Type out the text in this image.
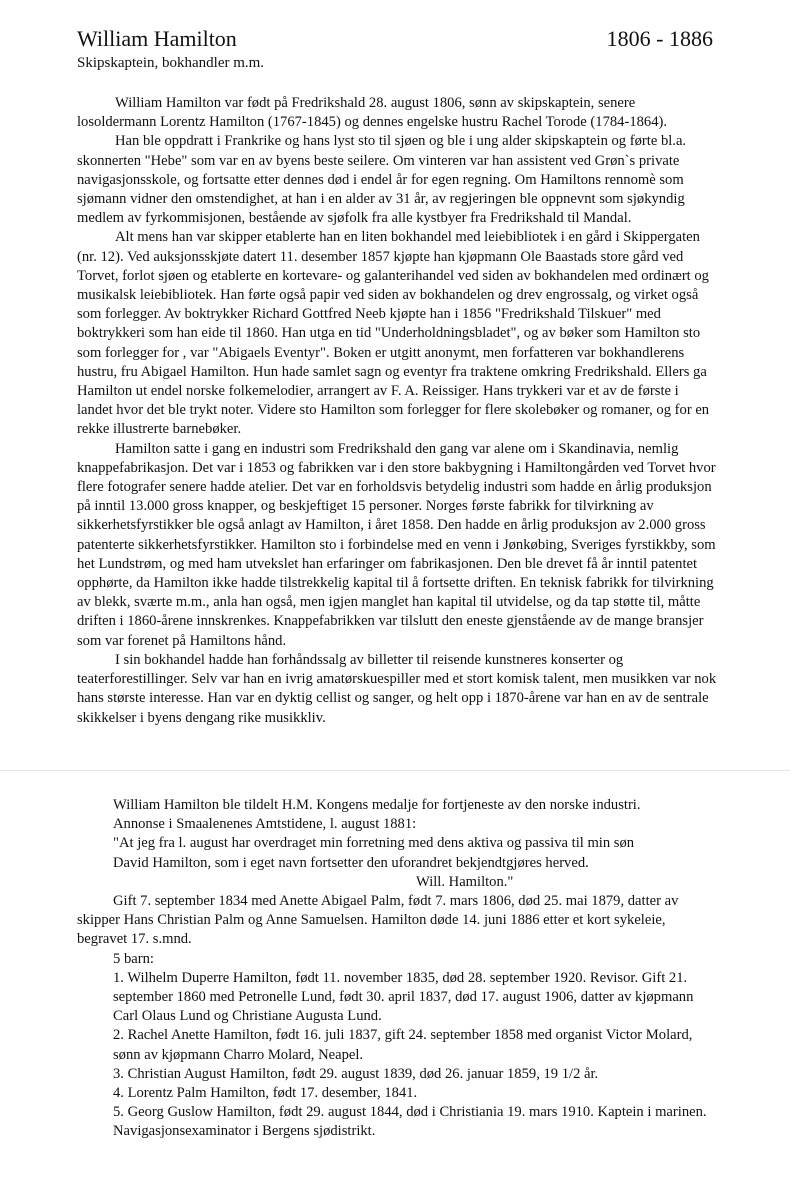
William Hamilton	1806 - 1886
Skipskaptein, bokhandler m.m.

William Hamilton var født på Fredrikshald 28. august 1806, sønn av skipskaptein, senere losoldermann Lorentz Hamilton (1767-1845) og dennes engelske hustru Rachel Torode (1784-1864).

Han ble oppdratt i Frankrike og hans lyst sto til sjøen og ble i ung alder skipskaptein og førte bl.a. skonnerten "Hebe" som var en av byens beste seilere. Om vinteren var han assistent ved Grøn`s private navigasjonsskole, og fortsatte etter dennes død i endel år for egen regning. Om Hamiltons rennomè som sjømann vidner den omstendighet, at han i en alder av 31 år, av regjeringen ble oppnevnt som sjøkyndig medlem av fyrkommisjonen, bestående av sjøfolk fra alle kystbyer fra Fredrikshald til Mandal.

Alt mens han var skipper etablerte han en liten bokhandel med leiebibliotek i en gård i Skippergaten (nr. 12). Ved auksjonsskjøte datert 11. desember 1857 kjøpte han kjøpmann Ole Baastads store gård ved Torvet, forlot sjøen og etablerte en kortevare- og galanterihandel ved siden av bokhandelen med ordinært og musikalsk leiebibliotek. Han førte også papir ved siden av bokhandelen og drev engrossalg, og virket også som forlegger. Av boktrykker Richard Gottfred Neeb kjøpte han i 1856 "Fredrikshald Tilskuer" med boktrykkeri som han eide til 1860. Han utga en tid "Underholdningsbladet", og av bøker som Hamilton sto som forlegger for , var "Abigaels Eventyr". Boken er utgitt anonymt, men forfatteren var bokhandlerens hustru, fru Abigael Hamilton. Hun hade samlet sagn og eventyr fra traktene omkring Fredrikshald. Ellers ga Hamilton ut endel norske folkemelodier, arrangert av F. A. Reissiger. Hans trykkeri var et av de første i landet hvor det ble trykt noter. Videre sto Hamilton som forlegger for flere skolebøker og romaner, og for en rekke illustrerte barnebøker.

Hamilton satte i gang en industri som Fredrikshald den gang var alene om i Skandinavia, nemlig knappefabrikasjon. Det var i 1853 og fabrikken var i den store bakbygning i Hamiltongården ved Torvet hvor flere fotografer senere hadde atelier. Det var en forholdsvis betydelig industri som hadde en årlig produksjon på inntil 13.000 gross knapper, og beskjeftiget 15 personer. Norges første fabrikk for tilvirkning av sikkerhetsfyrstikker ble også anlagt av Hamilton, i året 1858. Den hadde en årlig produksjon av 2.000 gross patenterte sikkerhetsfyrstikker. Hamilton sto i forbindelse med en venn i Jønkøbing, Sveriges fyrstikkby, som het Lundstrøm, og med ham utvekslet han erfaringer om fabrikasjonen. Den ble drevet få år inntil patentet opphørte, da Hamilton ikke hadde tilstrekkelig kapital til å fortsette driften. En teknisk fabrikk for tilvirkning av blekk, sværte m.m., anla han også, men igjen manglet han kapital til utvidelse, og da tap støtte til, måtte driften i 1860-årene innskrenkes. Knappefabrikken var tilslutt den eneste gjenstående av de mange bransjer som var forenet på Hamiltons hånd.

I sin bokhandel hadde han forhåndssalg av billetter til reisende kunstneres konserter og teaterforestillinger. Selv var han en ivrig amatørskuespiller med et stort komisk talent, men musikken var nok hans største interesse. Han var en dyktig cellist og sanger, og helt opp i 1870-årene var han en av de sentrale skikkelser i byens dengang rike musikkliv.

William Hamilton ble tildelt H.M. Kongens medalje for fortjeneste av den norske industri.
Annonse i Smaalenenes Amtstidene, l. august 1881:
"At jeg fra l. august har overdraget min forretning med dens aktiva og passiva til min søn
David Hamilton, som i eget navn fortsetter den uforandret bekjendtgjøres herved.
Will. Hamilton."
Gift 7. september 1834 med Anette Abigael Palm, født 7. mars 1806, død 25. mai 1879, datter av skipper Hans Christian Palm og Anne Samuelsen. Hamilton døde 14. juni 1886 etter et kort sykeleie, begravet 17. s.mnd.
5 barn:
1. Wilhelm Duperre Hamilton, født 11. november 1835, død 28. september 1920. Revisor. Gift 21. september 1860 med Petronelle Lund, født 30. april 1837, død 17. august 1906, datter av kjøpmann Carl Olaus Lund og Christiane Augusta Lund.
2. Rachel Anette Hamilton, født 16. juli 1837, gift 24. september 1858 med organist Victor Molard, sønn av kjøpmann Charro Molard, Neapel.
3. Christian August Hamilton, født 29. august 1839, død 26. januar 1859, 19 1/2 år.
4. Lorentz Palm Hamilton, født 17. desember, 1841.
5. Georg Guslow Hamilton, født 29. august 1844, død i Christiania 19. mars 1910. Kaptein i marinen. Navigasjonsexaminator i Bergens sjødistrikt.
